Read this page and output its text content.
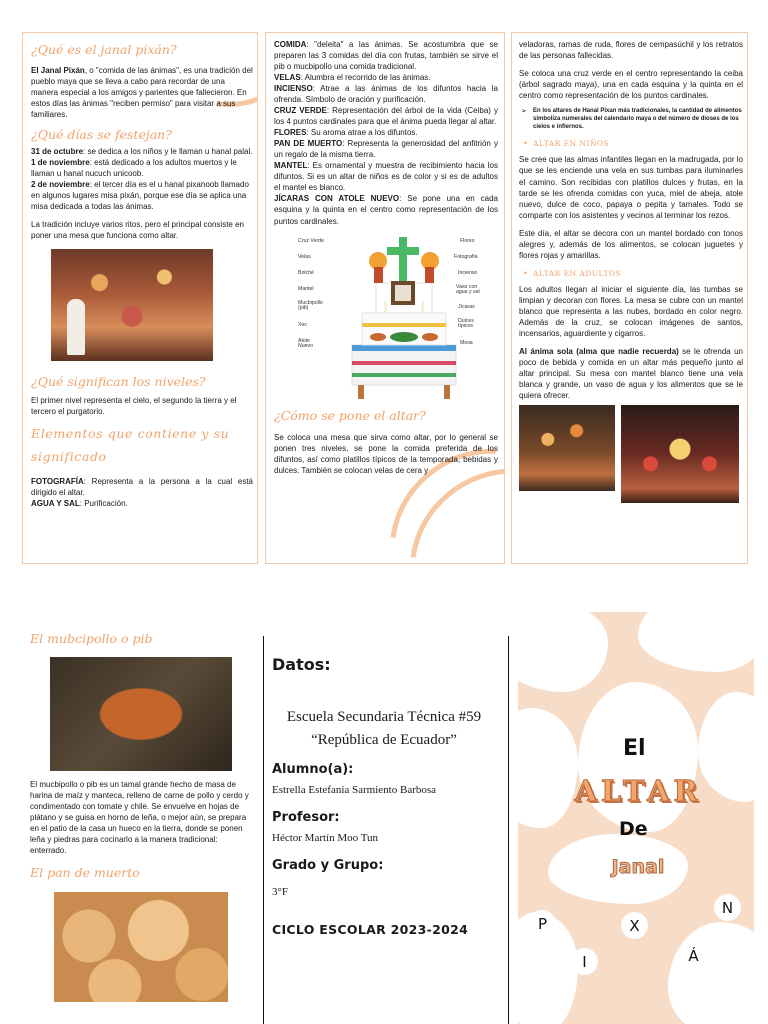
¿Qué es el janal pixán?

El Janal Pixán, o "comida de las ánimas", es una tradición del pueblo maya que se lleva a cabo para recordar de una manera especial a los amigos y parientes que fallecieron. En estos días las ánimas "reciben permiso" para visitar a sus familiares.

¿Qué días se festejan?

31 de octubre: se dedica a los niños y le llaman u hanal palal.

1 de noviembre: está dedicado a los adultos muertos y le llaman u hanal nucuch unicoob.

2 de noviembre: el tercer día es el u hanal pixanoob llamado en algunos lugares misa pixán, porque ese día se aplica una misa dedicada a todas las ánimas.

La tradición incluye varios ritos, pero el principal consiste en poner una mesa que funciona como altar.

¿Qué significan los niveles?

El primer nivel representa el cielo, el segundo la tierra y el tercero el purgatorio.

Elementos que contiene y su significado

FOTOGRAFÍA: Representa a la persona a la cual está dirigido el altar.

AGUA Y SAL: Purificación.

COMIDA: "deleita" a las ánimas. Se acostumbra que se preparen las 3 comidas del día con frutas, también se sirve el pib o mucbipollo una comida tradicional.

VELAS: Alumbra el recorrido de las ánimas.

INCIENSO: Atrae a las ánimas de los difuntos hacia la ofrenda. Símbolo de oración y purificación.

CRUZ VERDE: Representación del árbol de la vida (Ceiba) y los 4 puntos cardinales para que el ánima pueda llegar al altar.

FLORES: Su aroma atrae a los difuntos.

PAN DE MUERTO: Representa la generosidad del anfitrión y un regalo de la misma tierra.

MANTEL: Es ornamental y muestra de recibimiento hacia los difuntos. Si es un altar de niños es de color y si es de adultos el mantel es blanco.

JÍCARAS CON ATOLE NUEVO: Se pone una en cada esquina y la quinta en el centro como representación de los puntos cardinales.

Cruz Verde
Velas
Bolché
Mantel
Mucbipollo (pib)
Xec
Atole Nuevo
Flores
Fotografía
Incienso
Vaso con agua y sal
Jícaras
Dulces típicos
Mesa
¿Cómo se pone el altar?

Se coloca una mesa que sirva como altar, por lo general se ponen tres niveles, se pone la comida preferida de los difuntos, así como platillos típicos de la temporada, bebidas y dulces. También se colocan velas de cera y

veladoras, ramas de ruda, flores de cempasúchil y los retratos de las personas fallecidas.

Se coloca una cruz verde en el centro representando la ceiba (árbol sagrado maya), una en cada esquina y la quinta en el centro como representación de los puntos cardinales.

➢ En los altares de Hanal Pixan más tradicionales, la cantidad de alimentos simboliza numerales del calendario maya o del número de dioses de los cielos e infiernos.
• ALTAR EN NIÑOS

Se cree que las almas infantiles llegan en la madrugada, por lo que se les enciende una vela en sus tumbas para iluminarles el camino. Son recibidas con platillos dulces y frutas, en la tarde se les ofrenda comidas con yuca, miel de abeja, atole nuevo, dulce de coco, papaya o pepita y tamales. Todo se comparte con los asistentes y vecinos al terminar los rezos.

Este día, el altar se decora con un mantel bordado con tonos alegres y, además de los alimentos, se colocan juguetes y flores rojas y amarillas.

• ALTAR EN ADULTOS

Los adultos llegan al iniciar el siguiente día, las tumbas se limpian y decoran con flores. La mesa se cubre con un mantel blanco que representa a las nubes, bordado en color negro. Además de la cruz, se colocan imágenes de santos, incensarios, aguardiente y cigarros.

Al ánima sola (alma que nadie recuerda) se le ofrenda un poco de bebida y comida en un altar más pequeño junto al altar principal. Su mesa con mantel blanco tiene una vela blanca y grande, un vaso de agua y los alimentos que se le quiera ofrecer.

El mubcipollo o pib

El mucbipollo o pib es un tamal grande hecho de masa de harina de maíz y manteca, relleno de carne de pollo y cerdo y condimentado con tomate y chile. Se envuelve en hojas de plátano y se guisa en horno de leña, o mejor aún, se prepara en el patio de la casa un hueco en la tierra, donde se ponen leña y piedras para cocinarlo a la manera tradicional: enterrado.

El pan de muerto
Datos:
Escuela Secundaria Técnica #59
“República de Ecuador”
Alumno(a):
Estrella Estefanía Sarmiento Barbosa
Profesor:
Héctor Martín Moo Tun
Grado y Grupo:
3°F
CICLO ESCOLAR 2023-2024
El
ALTAR
De
Janal
P
I
X
Á
N
